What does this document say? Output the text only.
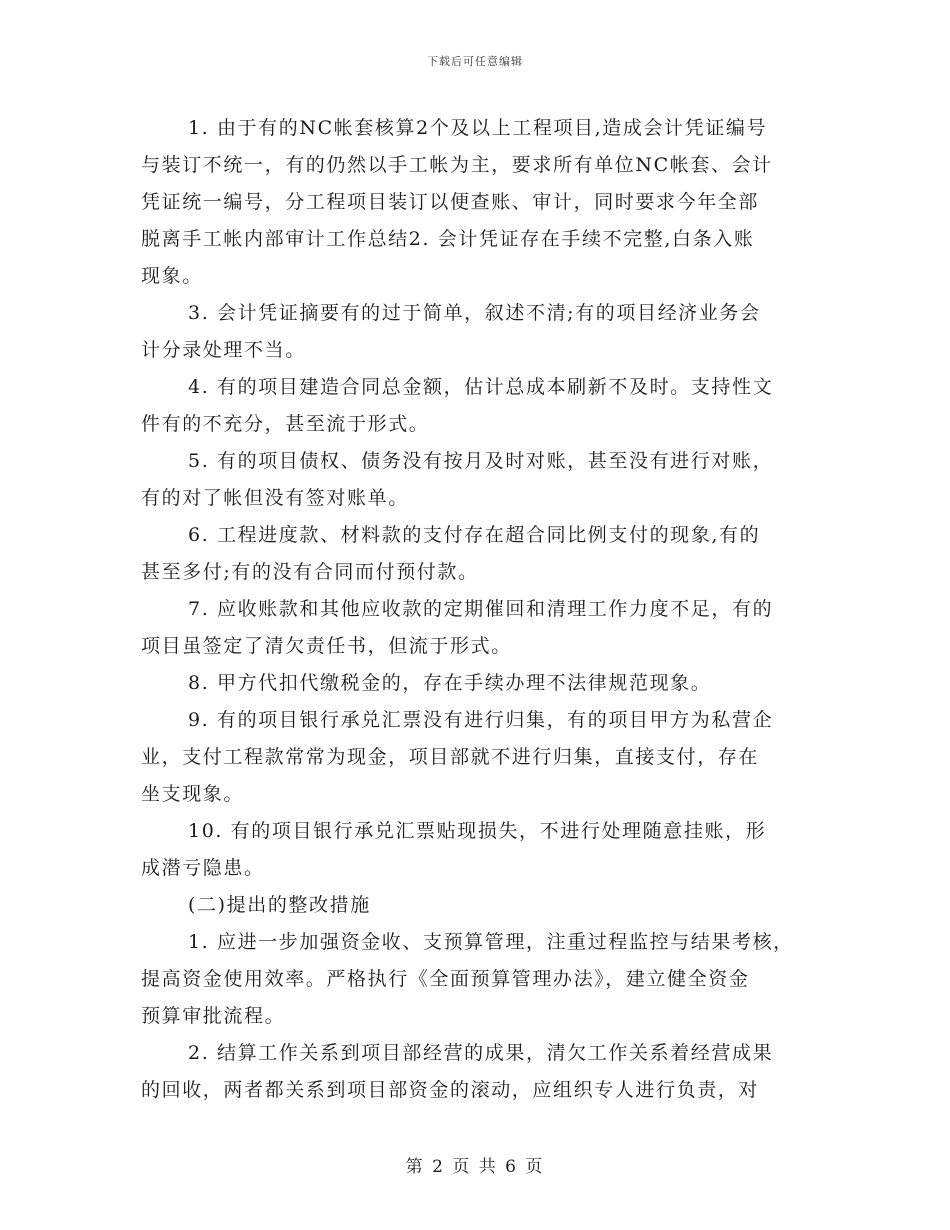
下载后可任意编辑
1. 由于有的NC帐套核算2个及以上工程项目,造成会计凭证编号
与装订不统一，有的仍然以手工帐为主，要求所有单位NC帐套、会计
凭证统一编号，分工程项目装订以便查账、审计，同时要求今年全部
脱离手工帐内部审计工作总结2. 会计凭证存在手续不完整,白条入账
现象。
3. 会计凭证摘要有的过于简单，叙述不清;有的项目经济业务会
计分录处理不当。
4. 有的项目建造合同总金额，估计总成本刷新不及时。支持性文
件有的不充分，甚至流于形式。
5. 有的项目债权、债务没有按月及时对账，甚至没有进行对账，
有的对了帐但没有签对账单。
6. 工程进度款、材料款的支付存在超合同比例支付的现象,有的
甚至多付;有的没有合同而付预付款。
7. 应收账款和其他应收款的定期催回和清理工作力度不足，有的
项目虽签定了清欠责任书，但流于形式。
8. 甲方代扣代缴税金的，存在手续办理不法律规范现象。
9. 有的项目银行承兑汇票没有进行归集，有的项目甲方为私营企
业，支付工程款常常为现金，项目部就不进行归集，直接支付，存在
坐支现象。
10. 有的项目银行承兑汇票贴现损失，不进行处理随意挂账，形
成潜亏隐患。
(二)提出的整改措施
1. 应进一步加强资金收、支预算管理，注重过程监控与结果考核，
提高资金使用效率。严格执行《全面预算管理办法》，建立健全资金
预算审批流程。
2. 结算工作关系到项目部经营的成果，清欠工作关系着经营成果
的回收，两者都关系到项目部资金的滚动，应组织专人进行负责，对
第 2 页 共 6 页
